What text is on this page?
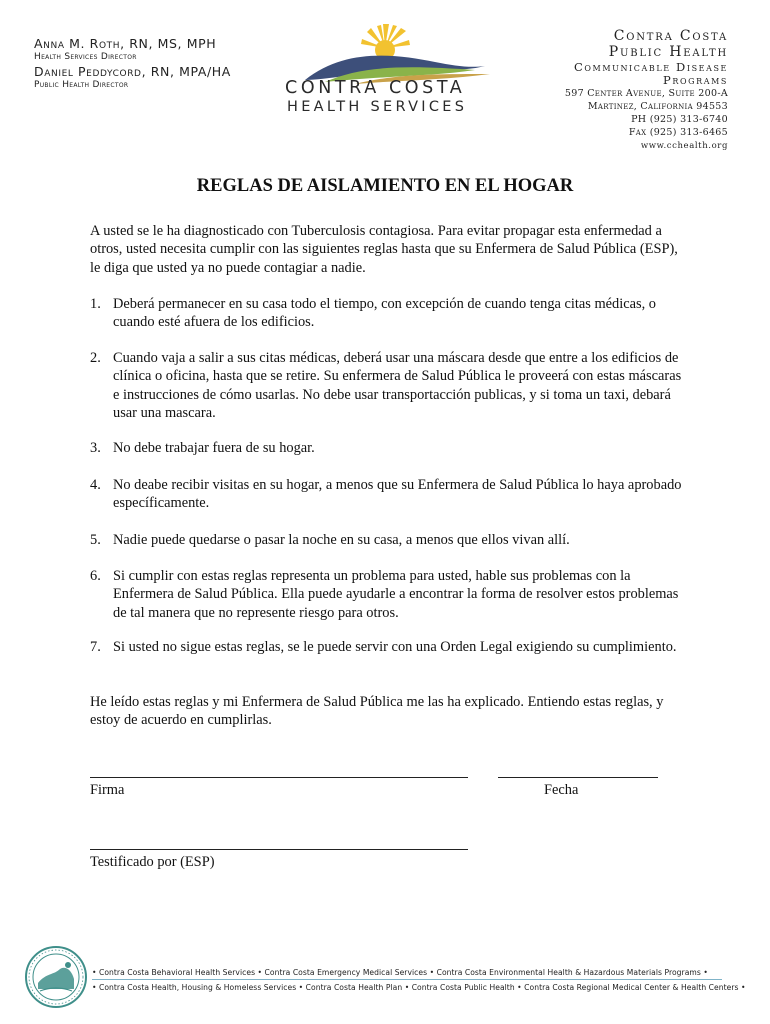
Anna M. Roth, RN, MS, MPH
Health Services Director
Daniel Peddycord, RN, MPA/HA
Public Health Director	CONTRA COSTA
HEALTH SERVICES
Contra Costa
Public Health
Communicable Disease
Programs
597 Center Avenue, Suite 200-A
Martinez, California 94553
PH (925) 313-6740
Fax (925) 313-6465
www.cchealth.org
REGLAS DE AISLAMIENTO EN EL HOGAR
A usted se le ha diagnosticado con Tuberculosis contagiosa. Para evitar propagar esta enfermedad a otros, usted necesita cumplir con las siguientes reglas hasta que su Enfermera de Salud Pública (ESP), le diga que usted ya no puede contagiar a nadie.
1. Deberá permanecer en su casa todo el tiempo, con excepción de cuando tenga citas médicas, o cuando esté afuera de los edificios.
2. Cuando vaja a salir a sus citas médicas, deberá usar una máscara desde que entre a los edificios de clínica o oficina, hasta que se retire. Su enfermera de Salud Pública le proveerá con estas máscaras e instrucciones de cómo usarlas. No debe usar transportacción publicas, y si toma un taxi, debará usar una mascara.
3. No debe trabajar fuera de su hogar.
4. No deabe recibir visitas en su hogar, a menos que su Enfermera de Salud Pública lo haya aprobado específicamente.
5. Nadie puede quedarse o pasar la noche en su casa, a menos que ellos vivan allí.
6. Si cumplir con estas reglas representa un problema para usted, hable sus problemas con la Enfermera de Salud Pública. Ella puede ayudarle a encontrar la forma de resolver estos problemas de tal manera que no represente riesgo para otros.
7. Si usted no sigue estas reglas, se le puede servir con una Orden Legal exigiendo su cumplimiento.
He leído estas reglas y mi Enfermera de Salud Pública me las ha explicado. Entiendo estas reglas, y estoy de acuerdo en cumplirlas.
Firma	Fecha
Testificado por (ESP)
• Contra Costa Behavioral Health Services • Contra Costa Emergency Medical Services • Contra Costa Environmental Health & Hazardous Materials Programs •
• Contra Costa Health, Housing & Homeless Services • Contra Costa Health Plan • Contra Costa Public Health • Contra Costa Regional Medical Center & Health Centers •
